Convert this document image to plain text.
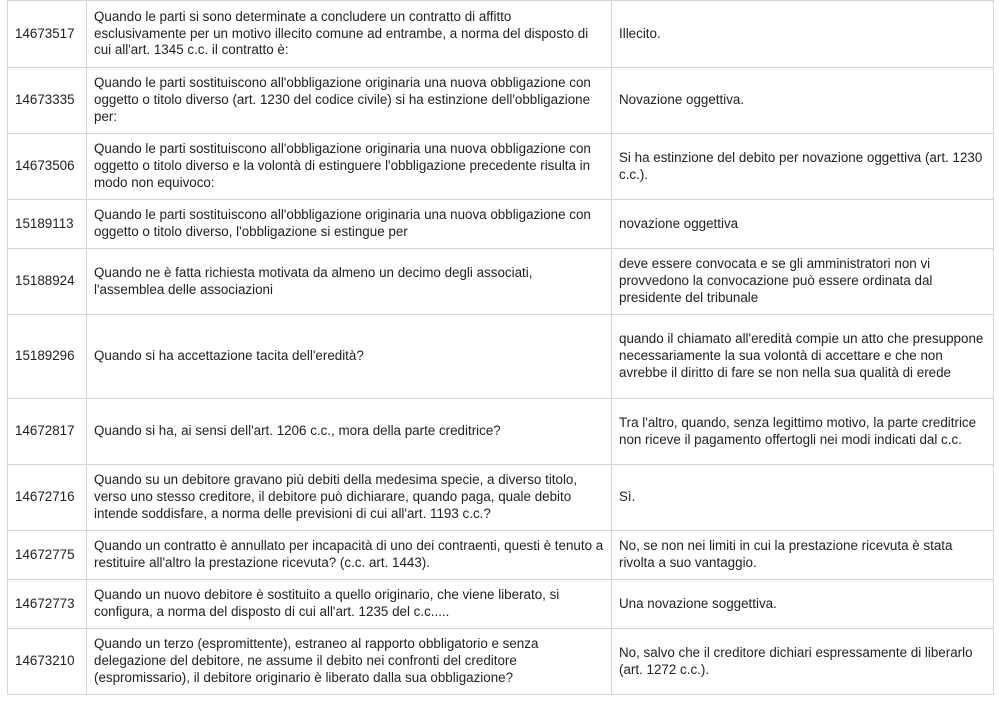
14673517	Quando le parti si sono determinate a concludere un contratto di affitto esclusivamente per un motivo illecito comune ad entrambe, a norma del disposto di cui all'art. 1345 c.c. il contratto è:	Illecito.
14673335	Quando le parti sostituiscono all'obbligazione originaria una nuova obbligazione con oggetto o titolo diverso (art. 1230 del codice civile) si ha estinzione dell'obbligazione per:	Novazione oggettiva.
14673506	Quando le parti sostituiscono all'obbligazione originaria una nuova obbligazione con oggetto o titolo diverso e la volontà di estinguere l'obbligazione precedente risulta in modo non equivoco:	Si ha estinzione del debito per novazione oggettiva (art. 1230 c.c.).
15189113	Quando le parti sostituiscono all'obbligazione originaria una nuova obbligazione con oggetto o titolo diverso, l'obbligazione si estingue per	novazione oggettiva
15188924	Quando ne è fatta richiesta motivata da almeno un decimo degli associati, l'assemblea delle associazioni	deve essere convocata e se gli amministratori non vi provvedono la convocazione può essere ordinata dal presidente del tribunale
15189296	Quando si ha accettazione tacita dell'eredità?	quando il chiamato all'eredità compie un atto che presuppone necessariamente la sua volontà di accettare e che non avrebbe il diritto di fare se non nella sua qualità di erede
14672817	Quando si ha, ai sensi dell'art. 1206 c.c., mora della parte creditrice?	Tra l'altro, quando, senza legittimo motivo, la parte creditrice non riceve il pagamento offertogli nei modi indicati dal c.c.
14672716	Quando su un debitore gravano più debiti della medesima specie, a diverso titolo, verso uno stesso creditore, il debitore può dichiarare, quando paga, quale debito intende soddisfare, a norma delle previsioni di cui all'art. 1193 c.c.?	Sì.
14672775	Quando un contratto è annullato per incapacità di uno dei contraenti, questi è tenuto a restituire all'altro la prestazione ricevuta? (c.c. art. 1443).	No, se non nei limiti in cui la prestazione ricevuta è stata rivolta a suo vantaggio.
14672773	Quando un nuovo debitore è sostituito a quello originario, che viene liberato, si configura, a norma del disposto di cui all'art. 1235 del c.c.....	Una novazione soggettiva.
14673210	Quando un terzo (espromittente), estraneo al rapporto obbligatorio e senza delegazione del debitore, ne assume il debito nei confronti del creditore (espromissario), il debitore originario è liberato dalla sua obbligazione?	No, salvo che il creditore dichiari espressamente di liberarlo (art. 1272 c.c.).
